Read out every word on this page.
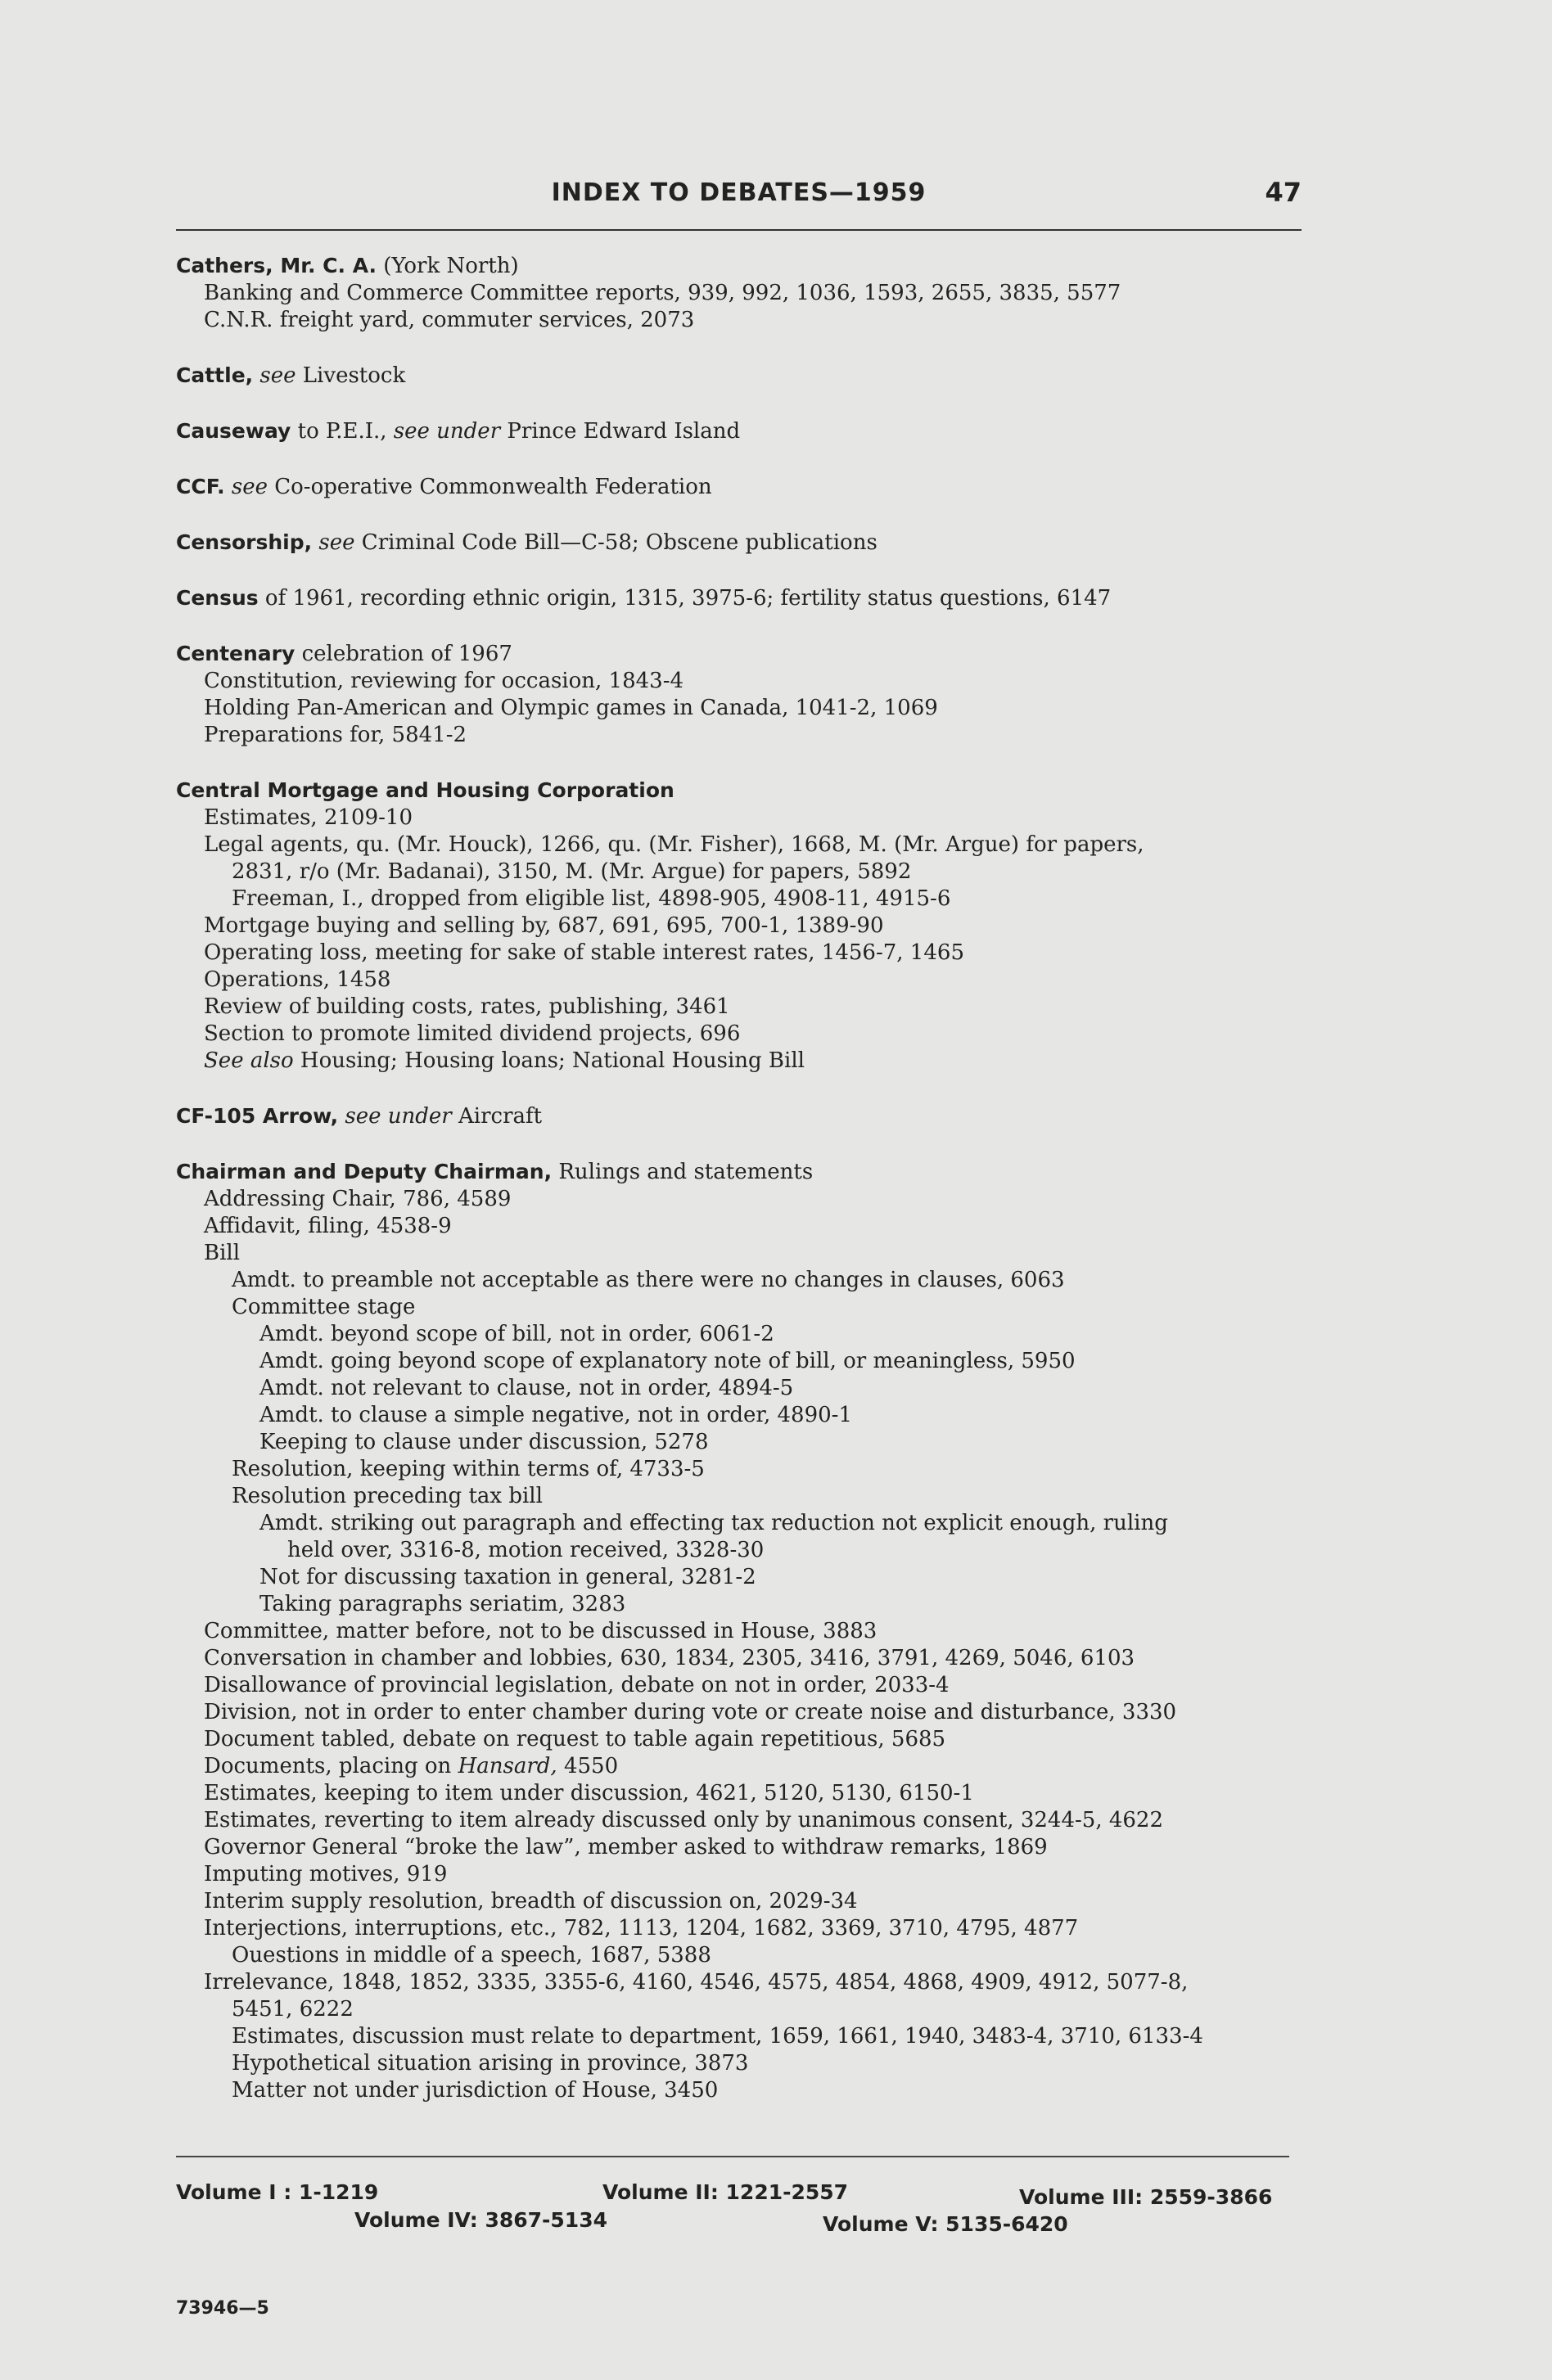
INDEX TO DEBATES—1959	47
Cathers, Mr. C. A. (York North)
Banking and Commerce Committee reports, 939, 992, 1036, 1593, 2655, 3835, 5577
C.N.R. freight yard, commuter services, 2073
Cattle, see Livestock
Causeway to P.E.I., see under Prince Edward Island
CCF. see Co-operative Commonwealth Federation
Censorship, see Criminal Code Bill—C-58; Obscene publications
Census of 1961, recording ethnic origin, 1315, 3975-6; fertility status questions, 6147
Centenary celebration of 1967
Constitution, reviewing for occasion, 1843-4
Holding Pan-American and Olympic games in Canada, 1041-2, 1069
Preparations for, 5841-2
Central Mortgage and Housing Corporation
Estimates, 2109-10
Legal agents, qu. (Mr. Houck), 1266, qu. (Mr. Fisher), 1668, M. (Mr. Argue) for papers,
2831, r/o (Mr. Badanai), 3150, M. (Mr. Argue) for papers, 5892
Freeman, I., dropped from eligible list, 4898-905, 4908-11, 4915-6
Mortgage buying and selling by, 687, 691, 695, 700-1, 1389-90
Operating loss, meeting for sake of stable interest rates, 1456-7, 1465
Operations, 1458
Review of building costs, rates, publishing, 3461
Section to promote limited dividend projects, 696
See also Housing; Housing loans; National Housing Bill
CF-105 Arrow, see under Aircraft
Chairman and Deputy Chairman, Rulings and statements
Addressing Chair, 786, 4589
Affidavit, filing, 4538-9
Bill
Amdt. to preamble not acceptable as there were no changes in clauses, 6063
Committee stage
Amdt. beyond scope of bill, not in order, 6061-2
Amdt. going beyond scope of explanatory note of bill, or meaningless, 5950
Amdt. not relevant to clause, not in order, 4894-5
Amdt. to clause a simple negative, not in order, 4890-1
Keeping to clause under discussion, 5278
Resolution, keeping within terms of, 4733-5
Resolution preceding tax bill
Amdt. striking out paragraph and effecting tax reduction not explicit enough, ruling
held over, 3316-8, motion received, 3328-30
Not for discussing taxation in general, 3281-2
Taking paragraphs seriatim, 3283
Committee, matter before, not to be discussed in House, 3883
Conversation in chamber and lobbies, 630, 1834, 2305, 3416, 3791, 4269, 5046, 6103
Disallowance of provincial legislation, debate on not in order, 2033-4
Division, not in order to enter chamber during vote or create noise and disturbance, 3330
Document tabled, debate on request to table again repetitious, 5685
Documents, placing on Hansard, 4550
Estimates, keeping to item under discussion, 4621, 5120, 5130, 6150-1
Estimates, reverting to item already discussed only by unanimous consent, 3244-5, 4622
Governor General “broke the law”, member asked to withdraw remarks, 1869
Imputing motives, 919
Interim supply resolution, breadth of discussion on, 2029-34
Interjections, interruptions, etc., 782, 1113, 1204, 1682, 3369, 3710, 4795, 4877
Ouestions in middle of a speech, 1687, 5388
Irrelevance, 1848, 1852, 3335, 3355-6, 4160, 4546, 4575, 4854, 4868, 4909, 4912, 5077-8,
5451, 6222
Estimates, discussion must relate to department, 1659, 1661, 1940, 3483-4, 3710, 6133-4
Hypothetical situation arising in province, 3873
Matter not under jurisdiction of House, 3450
Volume I : 1-1219	Volume II: 1221-2557	Volume III: 2559-3866
Volume IV: 3867-5134	Volume V: 5135-6420
73946—5
